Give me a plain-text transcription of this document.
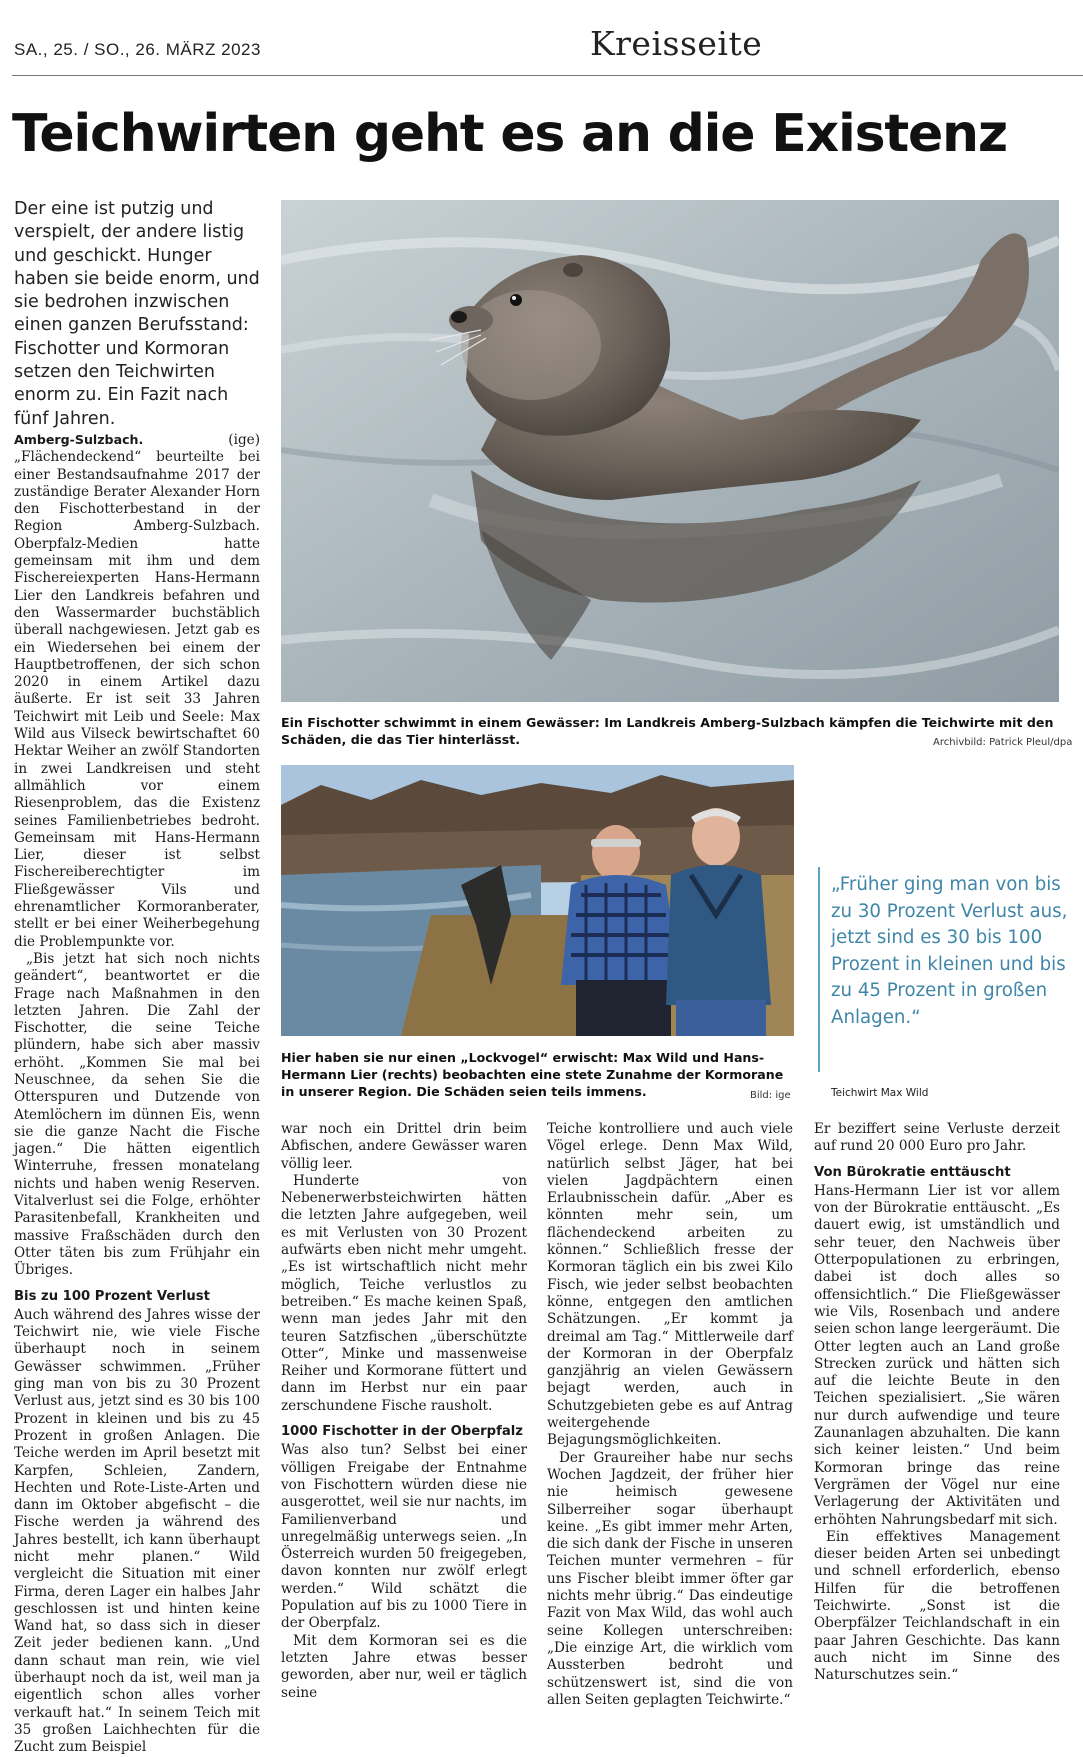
SA., 25. / SO., 26. MÄRZ 2023	Kreisseite
Teichwirten geht es an die Existenz

Der eine ist putzig und verspielt, der andere listig und geschickt. Hunger haben sie beide enorm, und sie bedrohen inzwischen einen ganzen Berufsstand: Fischotter und Kormoran setzen den Teichwirten enorm zu. Ein Fazit nach fünf Jahren.

Ein Fischotter schwimmt in einem Gewässer: Im Landkreis Amberg-Sulzbach kämpfen die Teichwirte mit den Schäden, die das Tier hinterlässt.	Archivbild: Patrick Pleul/dpa

Hier haben sie nur einen „Lockvogel“ erwischt: Max Wild und Hans-Hermann Lier (rechts) beobachten eine stete Zunahme der Kormorane in unserer Region. Die Schäden seien teils immens.	Bild: ige

„Früher ging man von bis zu 30 Prozent Verlust aus, jetzt sind es 30 bis 100 Prozent in kleinen und bis zu 45 Prozent in großen Anlagen.“

Teichwirt Max Wild

Amberg-Sulzbach.	(ige) „Flächendeckend“ beurteilte bei einer Bestandsaufnahme 2017 der zuständige Berater Alexander Horn den Fischotterbestand in der Region Amberg-Sulzbach. Oberpfalz-Medien hatte gemeinsam mit ihm und dem Fischereiexperten Hans-Hermann Lier den Landkreis befahren und den Wassermarder buchstäblich überall nachgewiesen. Jetzt gab es ein Wiedersehen bei einem der Hauptbetroffenen, der sich schon 2020 in einem Artikel dazu äußerte. Er ist seit 33 Jahren Teichwirt mit Leib und Seele: Max Wild aus Vilseck bewirtschaftet 60 Hektar Weiher an zwölf Standorten in zwei Landkreisen und steht allmählich vor einem Riesenproblem, das die Existenz seines Familienbetriebes bedroht. Gemeinsam mit Hans-Hermann Lier, dieser ist selbst Fischereiberechtigter im Fließgewässer Vils und ehrenamtlicher Kormoranberater, stellt er bei einer Weiherbegehung die Problempunkte vor.

„Bis jetzt hat sich noch nichts geändert“, beantwortet er die Frage nach Maßnahmen in den letzten Jahren. Die Zahl der Fischotter, die seine Teiche plündern, habe sich aber massiv erhöht. „Kommen Sie mal bei Neuschnee, da sehen Sie die Otterspuren und Dutzende von Atemlöchern im dünnen Eis, wenn sie die ganze Nacht die Fische jagen.“ Die hätten eigentlich Winterruhe, fressen monatelang nichts und haben wenig Reserven. Vitalverlust sei die Folge, erhöhter Parasitenbefall, Krankheiten und massive Fraßschäden durch den Otter täten bis zum Frühjahr ein Übriges.

Bis zu 100 Prozent Verlust

Auch während des Jahres wisse der Teichwirt nie, wie viele Fische überhaupt noch in seinem Gewässer schwimmen. „Früher ging man von bis zu 30 Prozent Verlust aus, jetzt sind es 30 bis 100 Prozent in kleinen und bis zu 45 Prozent in großen Anlagen. Die Teiche werden im April besetzt mit Karpfen, Schleien, Zandern, Hechten und Rote-Liste-Arten und dann im Oktober abgefischt – die Fische werden ja während des Jahres bestellt, ich kann überhaupt nicht mehr planen.“ Wild vergleicht die Situation mit einer Firma, deren Lager ein halbes Jahr geschlossen ist und hinten keine Wand hat, so dass sich in dieser Zeit jeder bedienen kann. „Und dann schaut man rein, wie viel überhaupt noch da ist, weil man ja eigentlich schon alles vorher verkauft hat.“ In seinem Teich mit 35 großen Laichhechten für die Zucht zum Beispiel

war noch ein Drittel drin beim Abfischen, andere Gewässer waren völlig leer.

Hunderte von Nebenerwerbsteichwirten hätten die letzten Jahre aufgegeben, weil es mit Verlusten von 30 Prozent aufwärts eben nicht mehr umgeht. „Es ist wirtschaftlich nicht mehr möglich, Teiche verlustlos zu betreiben.“ Es mache keinen Spaß, wenn man jedes Jahr mit den teuren Satzfischen „überschützte Otter“, Minke und massenweise Reiher und Kormorane füttert und dann im Herbst nur ein paar zerschundene Fische rausholt.

1000 Fischotter in der Oberpfalz

Was also tun? Selbst bei einer völligen Freigabe der Entnahme von Fischottern würden diese nie ausgerottet, weil sie nur nachts, im Familienverband und unregelmäßig unterwegs seien. „In Österreich wurden 50 freigegeben, davon konnten nur zwölf erlegt werden.“ Wild schätzt die Population auf bis zu 1000 Tiere in der Oberpfalz.

Mit dem Kormoran sei es die letzten Jahre etwas besser geworden, aber nur, weil er täglich seine

Teiche kontrolliere und auch viele Vögel erlege. Denn Max Wild, natürlich selbst Jäger, hat bei vielen Jagdpächtern einen Erlaubnisschein dafür. „Aber es könnten mehr sein, um flächendeckend arbeiten zu können.“ Schließlich fresse der Kormoran täglich ein bis zwei Kilo Fisch, wie jeder selbst beobachten könne, entgegen den amtlichen Schätzungen. „Er kommt ja dreimal am Tag.“ Mittlerweile darf der Kormoran in der Oberpfalz ganzjährig an vielen Gewässern bejagt werden, auch in Schutzgebieten gebe es auf Antrag weitergehende Bejagungsmöglichkeiten.

Der Graureiher habe nur sechs Wochen Jagdzeit, der früher hier nie heimisch gewesene Silberreiher sogar überhaupt keine. „Es gibt immer mehr Arten, die sich dank der Fische in unseren Teichen munter vermehren – für uns Fischer bleibt immer öfter gar nichts mehr übrig.“ Das eindeutige Fazit von Max Wild, das wohl auch seine Kollegen unterschreiben: „Die einzige Art, die wirklich vom Aussterben bedroht und schützenswert ist, sind die von allen Seiten geplagten Teichwirte.“

Er beziffert seine Verluste derzeit auf rund 20 000 Euro pro Jahr.

Von Bürokratie enttäuscht

Hans-Hermann Lier ist vor allem von der Bürokratie enttäuscht. „Es dauert ewig, ist umständlich und sehr teuer, den Nachweis über Otterpopulationen zu erbringen, dabei ist doch alles so offensichtlich.“ Die Fließgewässer wie Vils, Rosenbach und andere seien schon lange leergeräumt. Die Otter legten auch an Land große Strecken zurück und hätten sich auf die leichte Beute in den Teichen spezialisiert. „Sie wären nur durch aufwendige und teure Zaunanlagen abzuhalten. Die kann sich keiner leisten.“ Und beim Kormoran bringe das reine Vergrämen der Vögel nur eine Verlagerung der Aktivitäten und erhöhten Nahrungsbedarf mit sich.

Ein effektives Management dieser beiden Arten sei unbedingt und schnell erforderlich, ebenso Hilfen für die betroffenen Teichwirte. „Sonst ist die Oberpfälzer Teichlandschaft in ein paar Jahren Geschichte. Das kann auch nicht im Sinne des Naturschutzes sein.“
